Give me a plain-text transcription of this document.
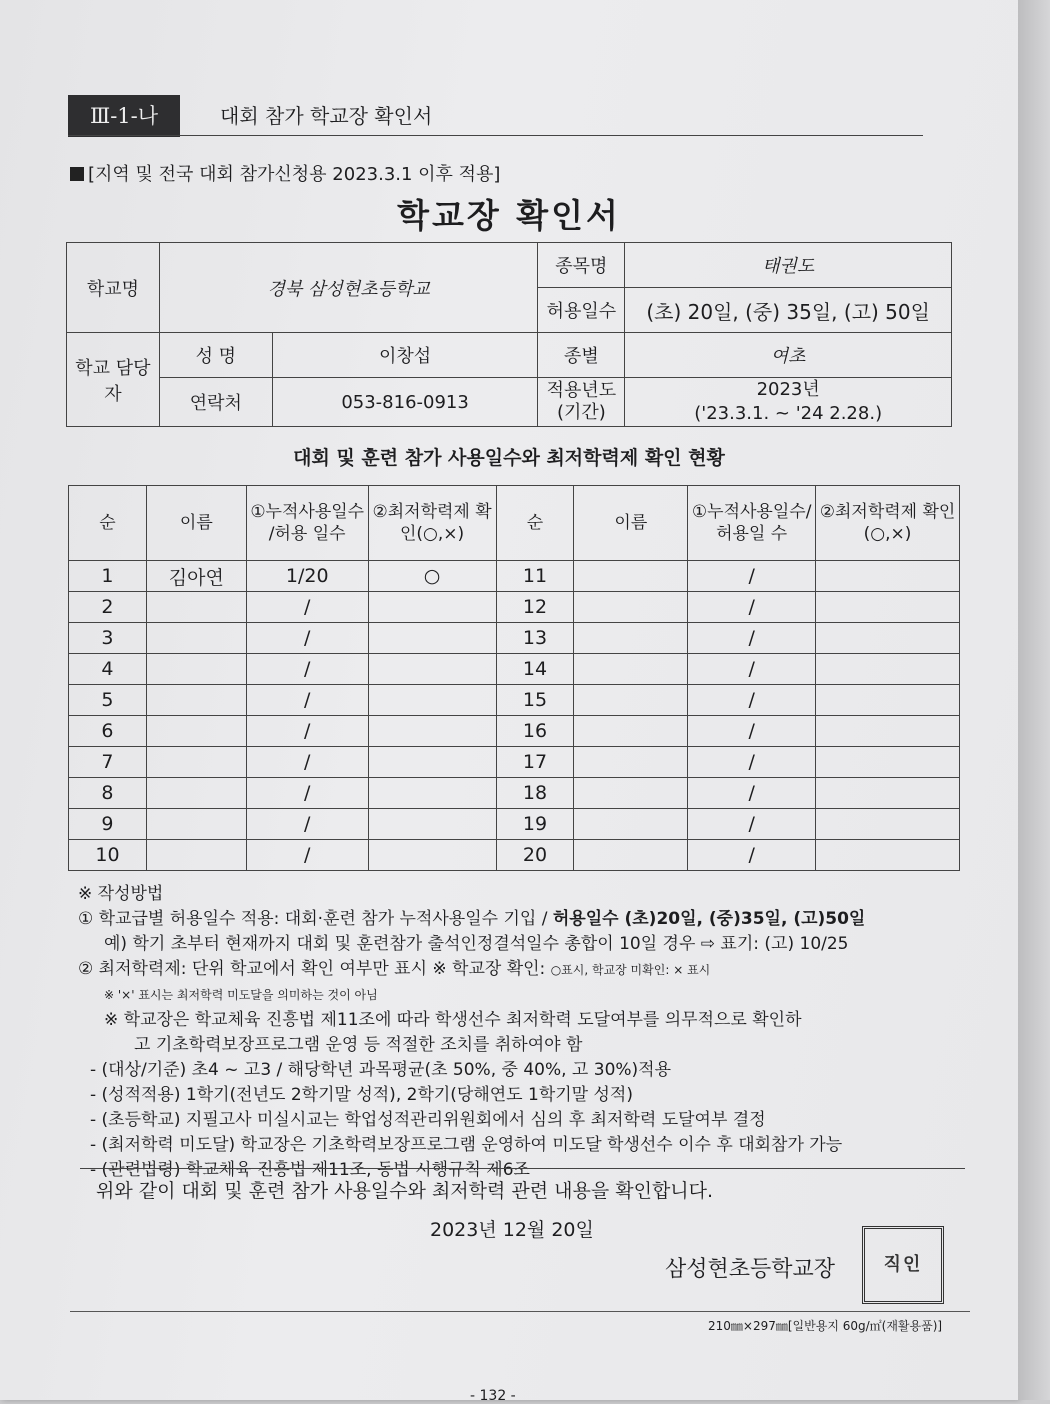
Ⅲ-1-나	대회 참가 학교장 확인서
[지역 및 전국 대회 참가신청용 2023.3.1 이후 적용]
학교장 확인서
학교명	경북 삼성현초등학교		종목명	태권도
			허용일수	(초) 20일, (중) 35일, (고) 50일
학교 담당자	성 명	이창섭	종별	여초
	연락처	053-816-0913	적용년도 (기간)	2023년
('23.3.1. ~ '24 2.28.)
대회 및 훈련 참가 사용일수와 최저학력제 확인 현황
순	이름	①누적사용일수 /허용 일수	②최저학력제 확인(○,×)	순	이름	①누적사용일수/ 허용일 수	②최저학력제 확인(○,×)
1	김아연	1/20	○	11		/	
2		/		12		/	
3		/		13		/	
4		/		14		/	
5		/		15		/	
6		/		16		/	
7		/		17		/	
8		/		18		/	
9		/		19		/	
10		/		20		/	
※ 작성방법
① 학교급별 허용일수 적용: 대회·훈련 참가 누적사용일수 기입 / 허용일수 (초)20일, (중)35일, (고)50일
예) 학기 초부터 현재까지 대회 및 훈련참가 출석인정결석일수 총합이 10일 경우 ⇨ 표기: (고) 10/25
② 최저학력제: 단위 학교에서 확인 여부만 표시 ※ 학교장 확인: ○표시, 학교장 미확인: × 표시
※ '×' 표시는 최저학력 미도달을 의미하는 것이 아님
※ 학교장은 학교체육 진흥법 제11조에 따라 학생선수 최저학력 도달여부를 의무적으로 확인하
고 기초학력보장프로그램 운영 등 적절한 조치를 취하여야 함
- (대상/기준) 초4 ~ 고3 / 해당학년 과목평균(초 50%, 중 40%, 고 30%)적용
- (성적적용) 1학기(전년도 2학기말 성적), 2학기(당해연도 1학기말 성적)
- (초등학교) 지필고사 미실시교는 학업성적관리위원회에서 심의 후 최저학력 도달여부 결정
- (최저학력 미도달) 학교장은 기초학력보장프로그램 운영하여 미도달 학생선수 이수 후 대회참가 가능
- (관련법령) 학교체육 진흥법 제11조, 동법 시행규칙 제6조
위와 같이 대회 및 훈련 참가 사용일수와 최저학력 관련 내용을 확인합니다.
2023년 12월 20일
삼성현초등학교장	직인
210㎜×297㎜[일반용지 60g/㎡(재활용품)]
- 132 -
